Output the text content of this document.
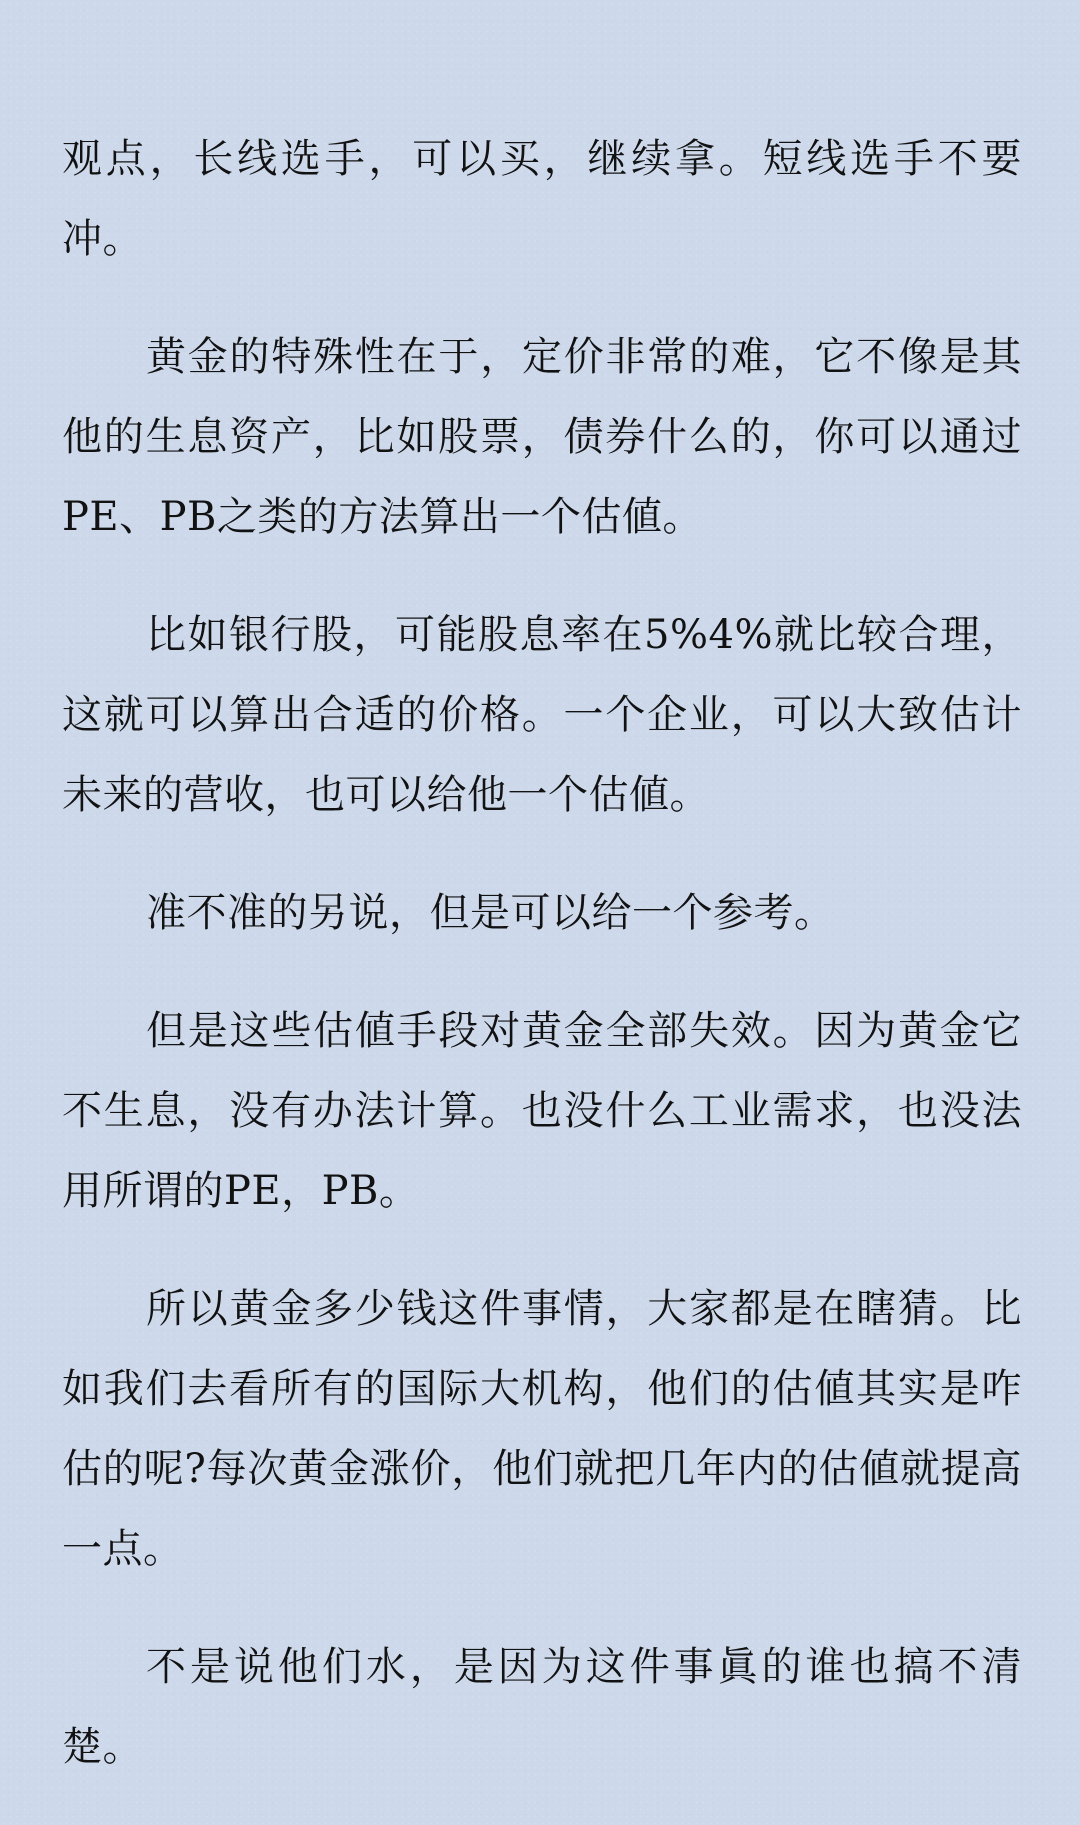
观点，长线选手，可以买，继续拿。短线选手不要冲。

黄金的特殊性在于，定价非常的难，它不像是其他的生息资产，比如股票，债券什么的，你可以通过PE、PB之类的方法算出一个估値。

比如银行股，可能股息率在5%4%就比较合理，这就可以算出合适的价格。一个企业，可以大致估计未来的营收，也可以给他一个估値。

准不准的另说，但是可以给一个参考。

但是这些估値手段对黄金全部失效。因为黄金它不生息，没有办法计算。也没什么工业需求，也没法用所谓的PE，PB。

所以黄金多少钱这件事情，大家都是在瞎猜。比如我们去看所有的国际大机构，他们的估値其实是咋估的呢?每次黄金涨价，他们就把几年内的估値就提高一点。

不是说他们水，是因为这件事眞的谁也搞不清楚。
